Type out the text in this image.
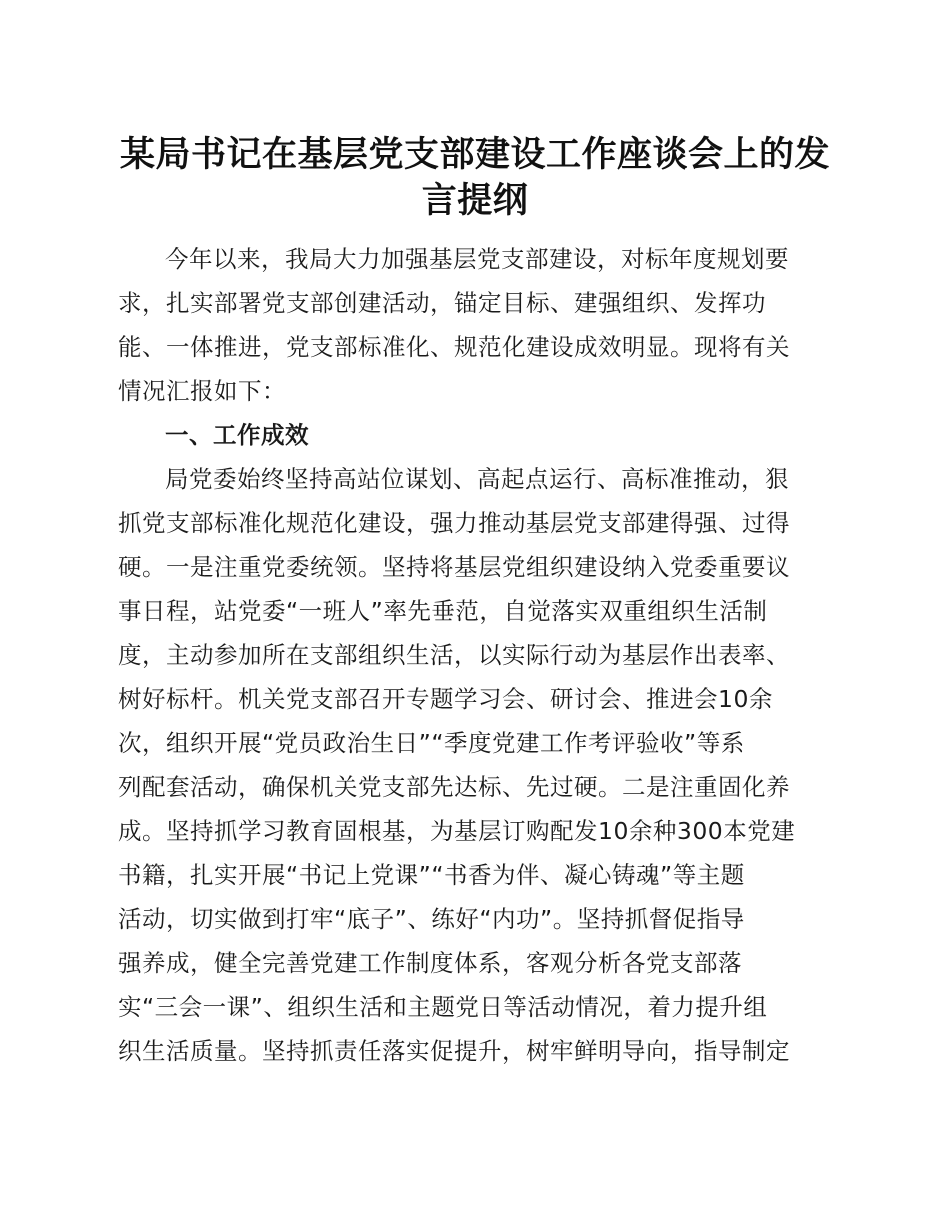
某局书记在基层党支部建设工作座谈会上的发言提纲
今年以来，我局大力加强基层党支部建设，对标年度规划要
求，扎实部署党支部创建活动，锚定目标、建强组织、发挥功
能、一体推进，党支部标准化、规范化建设成效明显。现将有关
情况汇报如下：
一、工作成效
局党委始终坚持高站位谋划、高起点运行、高标准推动，狠
抓党支部标准化规范化建设，强力推动基层党支部建得强、过得
硬。一是注重党委统领。坚持将基层党组织建设纳入党委重要议
事日程，站党委“一班人”率先垂范，自觉落实双重组织生活制
度，主动参加所在支部组织生活，以实际行动为基层作出表率、
树好标杆。机关党支部召开专题学习会、研讨会、推进会10余
次，组织开展“党员政治生日”“季度党建工作考评验收”等系
列配套活动，确保机关党支部先达标、先过硬。二是注重固化养
成。坚持抓学习教育固根基，为基层订购配发10余种300本党建
书籍，扎实开展“书记上党课”“书香为伴、凝心铸魂”等主题
活动，切实做到打牢“底子”、练好“内功”。坚持抓督促指导
强养成，健全完善党建工作制度体系，客观分析各党支部落
实“三会一课”、组织生活和主题党日等活动情况，着力提升组
织生活质量。坚持抓责任落实促提升，树牢鲜明导向，指导制定
